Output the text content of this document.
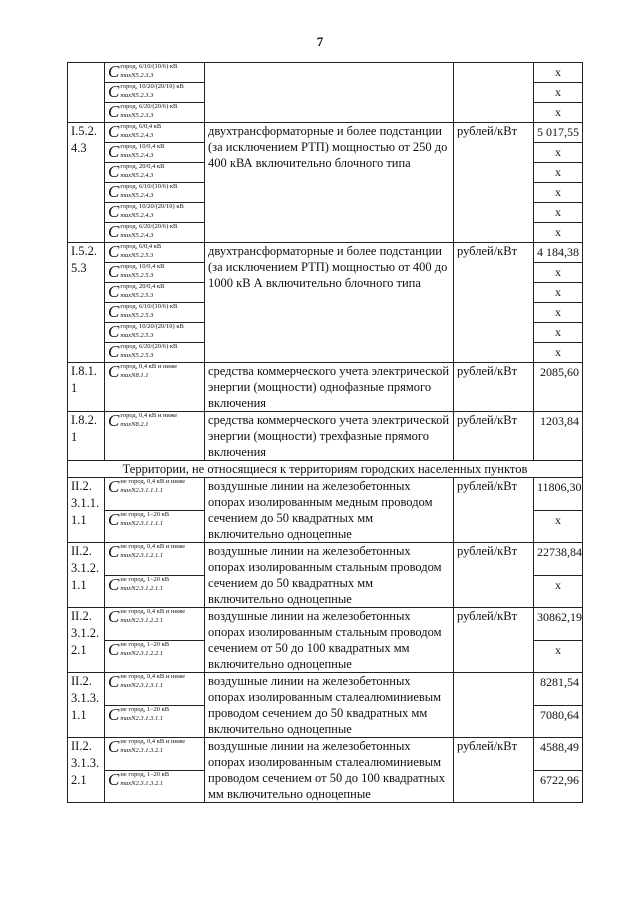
7
	C город, 6/10/(10/6) кВ
maxN5.2.3.3			x
	C город, 10/20/(20/10) кВ
maxN5.2.3.3			x
	C город, 6/20/(20/6) кВ
maxN5.2.3.3			x
I.5.2.4.3	C город, 6/0,4 кВ
maxN5.2.4.3	двухтрансформаторные и более подстанции (за исключением РТП) мощностью от 250 до 400 кВА включительно блочного типа	рублей/кВт	5 017,55
	C город, 10/0,4 кВ
maxN5.2.4.3			x
	C город, 20/0,4 кВ
maxN5.2.4.3			x
	C город, 6/10/(10/6) кВ
maxN5.2.4.3			x
	C город, 10/20/(20/10) кВ
maxN5.2.4.3			x
	C город, 6/20/(20/6) кВ
maxN5.2.4.3			x
I.5.2.5.3	C город, 6/0,4 кВ
maxN5.2.5.3	двухтрансформаторные и более подстанции (за исключением РТП) мощностью от 400 до 1000 кВ А включительно блочного типа	рублей/кВт	4 184,38
	C город, 10/0,4 кВ
maxN5.2.5.3			x
	C город, 20/0,4 кВ
maxN5.2.5.3			x
	C город, 6/10/(10/6) кВ
maxN5.2.5.3			x
	C город, 10/20/(20/10) кВ
maxN5.2.5.3			x
	C город, 6/20/(20/6) кВ
maxN5.2.5.3			x
I.8.1.1	C город, 0,4 кВ и ниже
maxN8.1.1	средства коммерческого учета электрической энергии (мощности) однофазные прямого включения	рублей/кВт	2085,60
I.8.2.1	C город, 0,4 кВ и ниже
maxN8.2.1	средства коммерческого учета электрической энергии (мощности) трехфазные прямого включения	рублей/кВт	1203,84
Территории, не относящиеся к территориям городских населенных пунктов				
II.2.3.1.1.1.1	C не город, 0,4 кВ и ниже
maxN2.3.1.1.1.1	воздушные линии на железобетонных опорах изолированным медным проводом сечением до 50 квадратных мм включительно одноцепные	рублей/кВт	11806,30
	C не город, 1–20 кВ
maxN2.3.1.1.1.1			x
II.2.3.1.2.1.1	C не город, 0,4 кВ и ниже
maxN2.3.1.2.1.1	воздушные линии на железобетонных опорах изолированным стальным проводом сечением до 50 квадратных мм включительно одноцепные	рублей/кВт	22738,84
	C не город, 1–20 кВ
maxN2.3.1.2.1.1			x
II.2.3.1.2.2.1	C не город, 0,4 кВ и ниже
maxN2.3.1.2.2.1	воздушные линии на железобетонных опорах изолированным стальным проводом сечением от 50 до 100 квадратных мм включительно одноцепные	рублей/кВт	30862,19
	C не город, 1–20 кВ
maxN2.3.1.2.2.1			x
II.2.3.1.3.1.1	C не город, 0,4 кВ и ниже
maxN2.3.1.3.1.1	воздушные линии на железобетонных опорах изолированным сталеалюминиевым проводом сечением до 50 квадратных мм включительно одноцепные		8281,54
	C не город, 1–20 кВ
maxN2.3.1.3.1.1			7080,64
II.2.3.1.3.2.1	C не город, 0,4 кВ и ниже
maxN2.3.1.3.2.1	воздушные линии на железобетонных опорах изолированным сталеалюминиевым проводом сечением от 50 до 100 квадратных мм включительно одноцепные	рублей/кВт	4588,49
	C не город, 1–20 кВ
maxN2.3.1.3.2.1			6722,96
